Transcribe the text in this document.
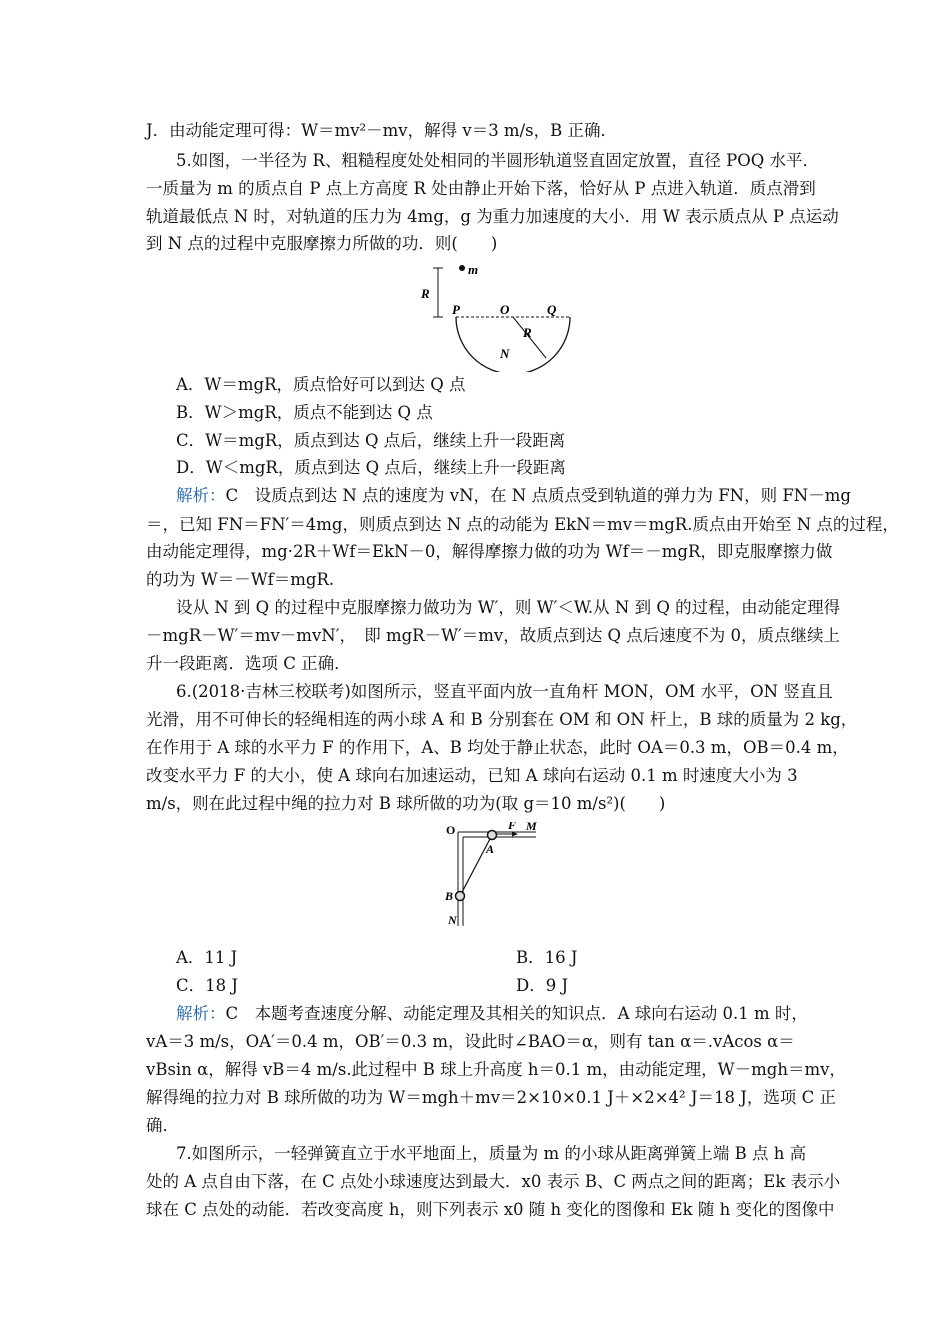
J．由动能定理可得：W＝mv²－mv，解得 v＝3 m/s，B 正确．
5.如图，一半径为 R、粗糙程度处处相同的半圆形轨道竖直固定放置，直径 POQ 水平．
一质量为 m 的质点自 P 点上方高度 R 处由静止开始下落，恰好从 P 点进入轨道．质点滑到
轨道最低点 N 时，对轨道的压力为 4mg，g 为重力加速度的大小．用 W 表示质点从 P 点运动
到 N 点的过程中克服摩擦力所做的功．则(　　)
m
R
P	O	Q
R
N
A．W＝mgR，质点恰好可以到达 Q 点
B．W＞mgR，质点不能到达 Q 点
C．W＝mgR，质点到达 Q 点后，继续上升一段距离
D．W＜mgR，质点到达 Q 点后，继续上升一段距离
解析：C　设质点到达 N 点的速度为 vN，在 N 点质点受到轨道的弹力为 FN，则 FN－mg
＝，已知 FN＝FN′＝4mg，则质点到达 N 点的动能为 EkN＝mv＝mgR.质点由开始至 N 点的过程，
由动能定理得，mg·2R＋Wf＝EkN－0，解得摩擦力做的功为 Wf＝－mgR，即克服摩擦力做
的功为 W＝－Wf＝mgR.
设从 N 到 Q 的过程中克服摩擦力做功为 W′，则 W′＜W.从 N 到 Q 的过程，由动能定理得
－mgR－W′＝mv－mvN′，　即 mgR－W′＝mv，故质点到达 Q 点后速度不为 0，质点继续上
升一段距离．选项 C 正确．
6.(2018·吉林三校联考)如图所示，竖直平面内放一直角杆 MON，OM 水平，ON 竖直且
光滑，用不可伸长的轻绳相连的两小球 A 和 B 分别套在 OM 和 ON 杆上，B 球的质量为 2 kg，
在作用于 A 球的水平力 F 的作用下，A、B 均处于静止状态，此时 OA＝0.3 m，OB＝0.4 m，
改变水平力 F 的大小，使 A 球向右加速运动，已知 A 球向右运动 0.1 m 时速度大小为 3
m/s，则在此过程中绳的拉力对 B 球所做的功为(取 g＝10 m/s²)(　　)
O	F M
A
B
N
A．11 J	B．16 J
C．18 J	D．9 J
解析：C　本题考查速度分解、动能定理及其相关的知识点．A 球向右运动 0.1 m 时，
vA＝3 m/s，OA′＝0.4 m，OB′＝0.3 m，设此时∠BAO＝α，则有 tan α＝.vAcos α＝
vBsin α，解得 vB＝4 m/s.此过程中 B 球上升高度 h＝0.1 m，由动能定理，W－mgh＝mv，
解得绳的拉力对 B 球所做的功为 W＝mgh＋mv＝2×10×0.1 J＋×2×4² J＝18 J，选项 C 正
确．
7.如图所示，一轻弹簧直立于水平地面上，质量为 m 的小球从距离弹簧上端 B 点 h 高
处的 A 点自由下落，在 C 点处小球速度达到最大．x0 表示 B、C 两点之间的距离；Ek 表示小
球在 C 点处的动能．若改变高度 h，则下列表示 x0 随 h 变化的图像和 Ek 随 h 变化的图像中
